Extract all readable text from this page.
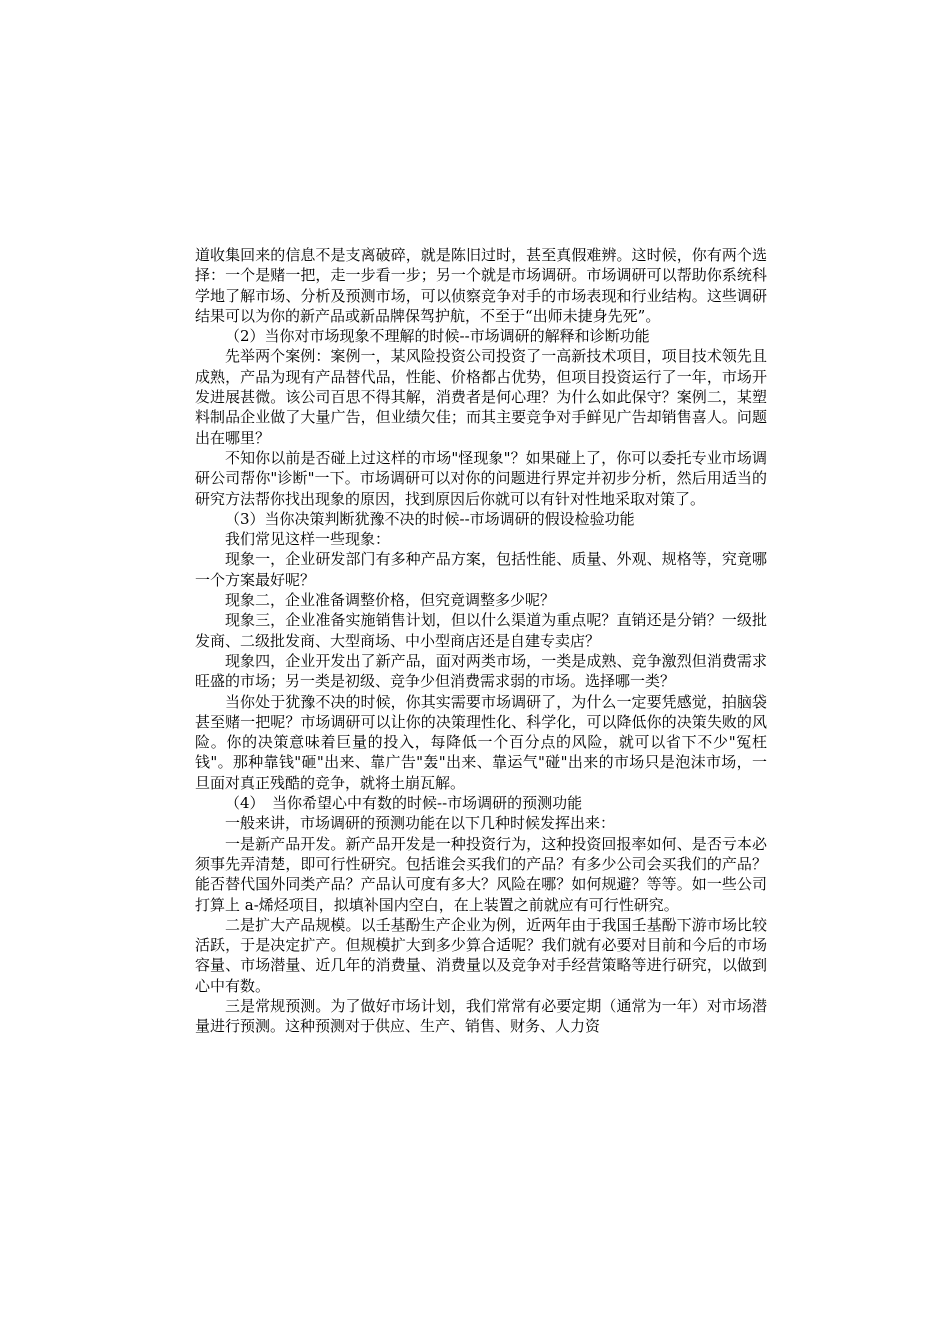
道收集回来的信息不是支离破碎，就是陈旧过时，甚至真假难辨。这时候，你有两个选择：一个是赌一把，走一步看一步；另一个就是市场调研。市场调研可以帮助你系统科学地了解市场、分析及预测市场，可以侦察竞争对手的市场表现和行业结构。这些调研结果可以为你的新产品或新品牌保驾护航，不至于“出师未捷身先死”。

（2）当你对市场现象不理解的时候--市场调研的解释和诊断功能

先举两个案例：案例一，某风险投资公司投资了一高新技术项目，项目技术领先且成熟，产品为现有产品替代品，性能、价格都占优势，但项目投资运行了一年，市场开发进展甚微。该公司百思不得其解，消费者是何心理？为什么如此保守？案例二，某塑料制品企业做了大量广告，但业绩欠佳；而其主要竞争对手鲜见广告却销售喜人。问题出在哪里？

不知你以前是否碰上过这样的市场"怪现象"？如果碰上了，你可以委托专业市场调研公司帮你"诊断"一下。市场调研可以对你的问题进行界定并初步分析，然后用适当的研究方法帮你找出现象的原因，找到原因后你就可以有针对性地采取对策了。

（3）当你决策判断犹豫不决的时候--市场调研的假设检验功能

我们常见这样一些现象：

现象一，企业研发部门有多种产品方案，包括性能、质量、外观、规格等，究竟哪一个方案最好呢？

现象二，企业准备调整价格，但究竟调整多少呢？

现象三，企业准备实施销售计划，但以什么渠道为重点呢？直销还是分销？一级批发商、二级批发商、大型商场、中小型商店还是自建专卖店？

现象四，企业开发出了新产品，面对两类市场，一类是成熟、竞争激烈但消费需求旺盛的市场；另一类是初级、竞争少但消费需求弱的市场。选择哪一类？

当你处于犹豫不决的时候，你其实需要市场调研了，为什么一定要凭感觉，拍脑袋甚至赌一把呢？市场调研可以让你的决策理性化、科学化，可以降低你的决策失败的风险。你的决策意味着巨量的投入，每降低一个百分点的风险，就可以省下不少"冤枉钱"。那种靠钱"砸"出来、靠广告"轰"出来、靠运气"碰"出来的市场只是泡沫市场，一旦面对真正残酷的竞争，就将土崩瓦解。

（4）　当你希望心中有数的时候--市场调研的预测功能

一般来讲，市场调研的预测功能在以下几种时候发挥出来：

一是新产品开发。新产品开发是一种投资行为，这种投资回报率如何、是否亏本必须事先弄清楚，即可行性研究。包括谁会买我们的产品？有多少公司会买我们的产品？能否替代国外同类产品？产品认可度有多大？风险在哪？如何规避？等等。如一些公司打算上 a-烯烃项目，拟填补国内空白，在上装置之前就应有可行性研究。

二是扩大产品规模。以壬基酚生产企业为例，近两年由于我国壬基酚下游市场比较活跃，于是决定扩产。但规模扩大到多少算合适呢？我们就有必要对目前和今后的市场容量、市场潜量、近几年的消费量、消费量以及竞争对手经营策略等进行研究，以做到心中有数。

三是常规预测。为了做好市场计划，我们常常有必要定期（通常为一年）对市场潜量进行预测。这种预测对于供应、生产、销售、财务、人力资
